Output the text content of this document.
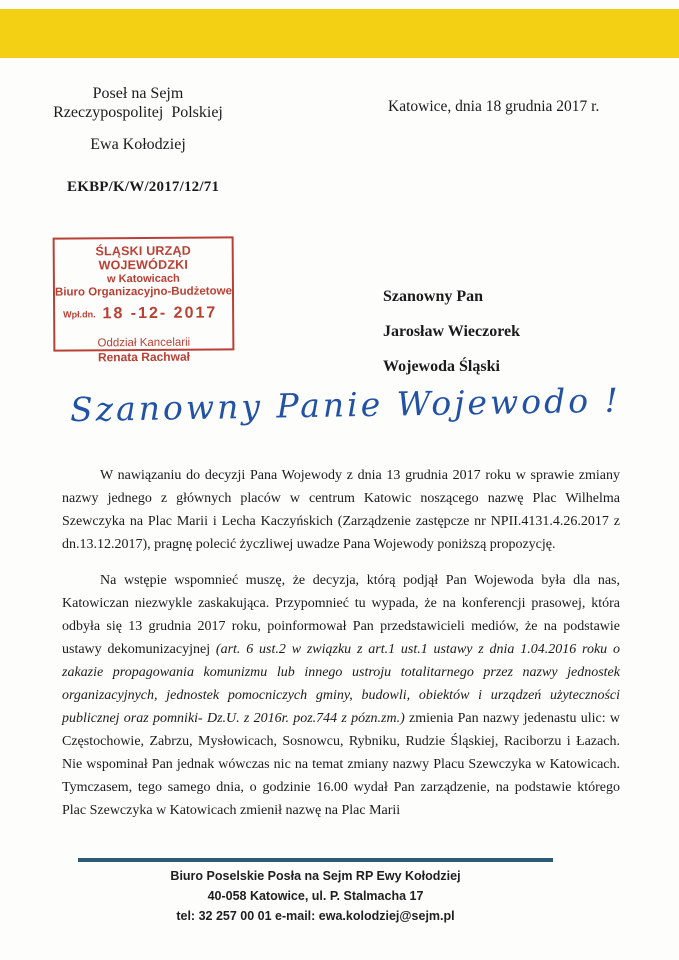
Poseł na Sejm
Rzeczypospolitej  Polskiej
Ewa Kołodziej
Katowice, dnia 18 grudnia 2017 r.
EKBP/K/W/2017/12/71
ŚLĄSKI URZĄD WOJEWÓDZKI
w Katowicach
Biuro Organizacyjno-Budżetowe
Wpł.dn. 18 -12- 2017
Oddział Kancelarii
Renata Rachwał
Szanowny Pan
Jarosław Wieczorek
Wojewoda Śląski
Szanowny Panie Wojewodo !

W nawiązaniu do decyzji Pana Wojewody z dnia 13 grudnia 2017 roku w sprawie zmiany nazwy jednego z głównych placów w centrum Katowic noszącego nazwę Plac Wilhelma Szewczyka na Plac Marii i Lecha Kaczyńskich (Zarządzenie zastępcze nr NPII.4131.4.26.2017 z dn.13.12.2017), pragnę polecić życzliwej uwadze Pana Wojewody poniższą propozycję.

Na wstępie wspomnieć muszę, że decyzja, którą podjął Pan Wojewoda była dla nas, Katowiczan niezwykle zaskakująca. Przypomnieć tu wypada, że na konferencji prasowej, która odbyła się 13 grudnia 2017 roku, poinformował Pan przedstawicieli mediów, że na podstawie ustawy dekomunizacyjnej (art. 6 ust.2 w związku z art.1 ust.1 ustawy z dnia 1.04.2016 roku o zakazie propagowania komunizmu lub innego ustroju totalitarnego przez nazwy jednostek organizacyjnych, jednostek pomocniczych gminy, budowli, obiektów i urządzeń użyteczności publicznej oraz pomniki- Dz.U. z 2016r. poz.744 z pózn.zm.) zmienia Pan nazwy jedenastu ulic: w Częstochowie, Zabrzu, Mysłowicach, Sosnowcu, Rybniku, Rudzie Śląskiej, Raciborzu i Łazach. Nie wspominał Pan jednak wówczas nic na temat zmiany nazwy Placu Szewczyka w Katowicach. Tymczasem, tego samego dnia, o godzinie 16.00 wydał Pan zarządzenie, na podstawie którego Plac Szewczyka w Katowicach zmienił nazwę na Plac Marii

Biuro Poselskie Posła na Sejm RP Ewy Kołodziej
40-058 Katowice, ul. P. Stalmacha 17
tel: 32 257 00 01 e-mail: ewa.kolodziej@sejm.pl
